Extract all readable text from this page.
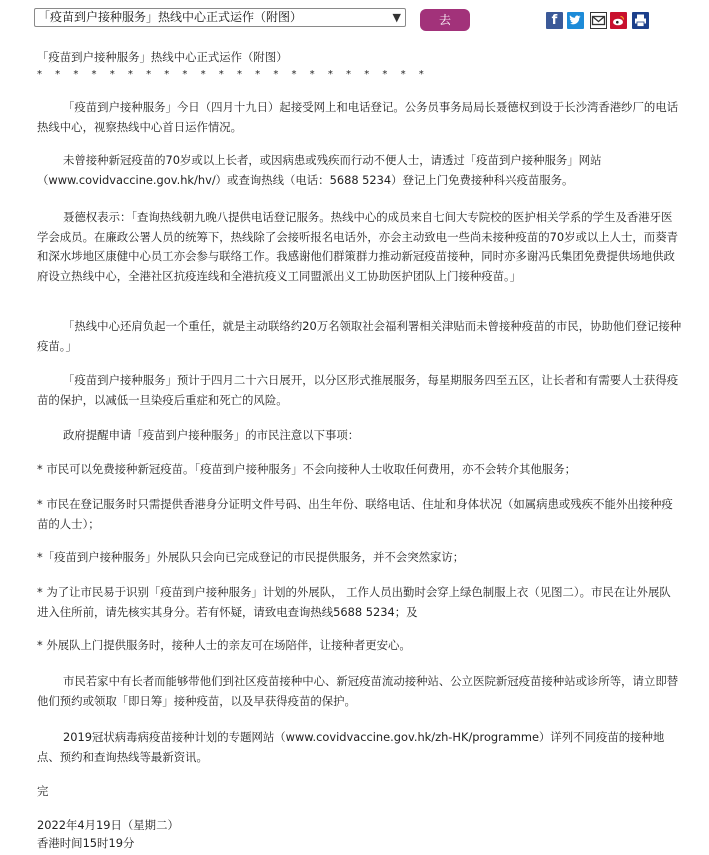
「疫苗到户接种服务」热线中心正式运作（附图）	▼	去	f

「疫苗到户接种服务」热线中心正式运作（附图）

* * * * * * * * * * * * * * * * * * * * * *

「疫苗到户接种服务」今日（四月十九日）起接受网上和电话登记。公务员事务局局长聂德权到设于长沙湾香港纱厂的电话热线中心，视察热线中心首日运作情况。

未曾接种新冠疫苗的70岁或以上长者，或因病患或残疾而行动不便人士，请透过「疫苗到户接种服务」网站（www.covidvaccine.gov.hk/hv/）或查询热线（电话：5688 5234）登记上门免费接种科兴疫苗服务。

聂德权表示：「查询热线朝九晚八提供电话登记服务。热线中心的成员来自七间大专院校的医护相关学系的学生及香港牙医学会成员。在廉政公署人员的统筹下，热线除了会接听报名电话外，亦会主动致电一些尚未接种疫苗的70岁或以上人士，而葵青和深水埗地区康健中心员工亦会参与联络工作。我感谢他们群策群力推动新冠疫苗接种，同时亦多谢冯氏集团免费提供场地供政府设立热线中心，全港社区抗疫连线和全港抗疫义工同盟派出义工协助医护团队上门接种疫苗。」

「热线中心还肩负起一个重任，就是主动联络约20万名领取社会福利署相关津贴而未曾接种疫苗的市民，协助他们登记接种疫苗。」

「疫苗到户接种服务」预计于四月二十六日展开，以分区形式推展服务，每星期服务四至五区，让长者和有需要人士获得疫苗的保护，以减低一旦染疫后重症和死亡的风险。

政府提醒申请「疫苗到户接种服务」的市民注意以下事项：

* 市民可以免费接种新冠疫苗。「疫苗到户接种服务」不会向接种人士收取任何费用，亦不会转介其他服务；

* 市民在登记服务时只需提供香港身分证明文件号码、出生年份、联络电话、住址和身体状况（如属病患或残疾不能外出接种疫苗的人士）；

*「疫苗到户接种服务」外展队只会向已完成登记的市民提供服务，并不会突然家访；

* 为了让市民易于识别「疫苗到户接种服务」计划的外展队， 工作人员出勤时会穿上绿色制服上衣（见图二）。市民在让外展队进入住所前，请先核实其身分。若有怀疑，请致电查询热线5688 5234；及

* 外展队上门提供服务时，接种人士的亲友可在场陪伴，让接种者更安心。

市民若家中有长者而能够带他们到社区疫苗接种中心、新冠疫苗流动接种站、公立医院新冠疫苗接种站或诊所等，请立即替他们预约或领取「即日筹」接种疫苗，以及早获得疫苗的保护。

2019冠状病毒病疫苗接种计划的专题网站（www.covidvaccine.gov.hk/zh-HK/programme）详列不同疫苗的接种地点、预约和查询热线等最新资讯。

完

2022年4月19日（星期二）

香港时间15时19分
